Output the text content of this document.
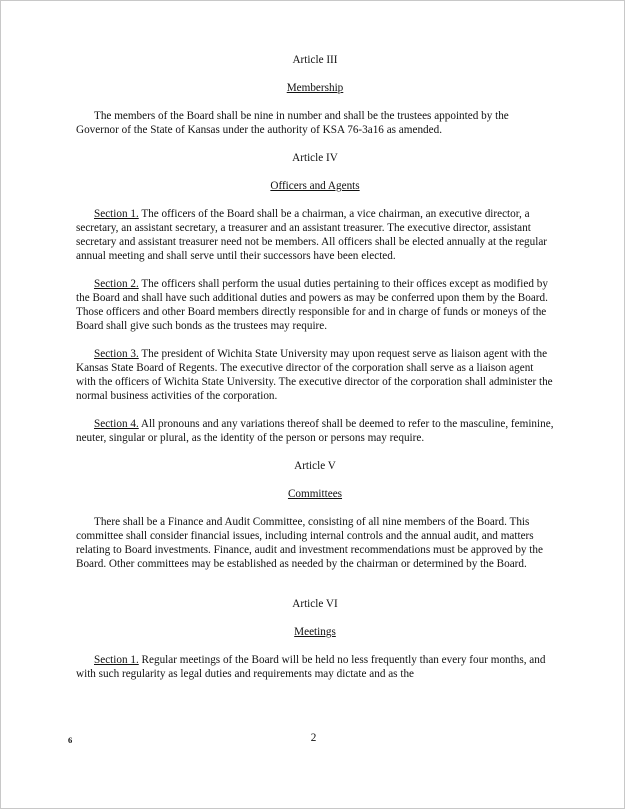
Article III
Membership

The members of the Board shall be nine in number and shall be the trustees appointed by the Governor of the State of Kansas under the authority of KSA 76-3a16 as amended.

Article IV
Officers and Agents

Section 1. The officers of the Board shall be a chairman, a vice chairman, an executive director, a secretary, an assistant secretary, a treasurer and an assistant treasurer. The executive director, assistant secretary and assistant treasurer need not be members. All officers shall be elected annually at the regular annual meeting and shall serve until their successors have been elected.

Section 2. The officers shall perform the usual duties pertaining to their offices except as modified by the Board and shall have such additional duties and powers as may be conferred upon them by the Board. Those officers and other Board members directly responsible for and in charge of funds or moneys of the Board shall give such bonds as the trustees may require.

Section 3. The president of Wichita State University may upon request serve as liaison agent with the Kansas State Board of Regents. The executive director of the corporation shall serve as a liaison agent with the officers of Wichita State University. The executive director of the corporation shall administer the normal business activities of the corporation.

Section 4. All pronouns and any variations thereof shall be deemed to refer to the masculine, feminine, neuter, singular or plural, as the identity of the person or persons may require.

Article V
Committees

There shall be a Finance and Audit Committee, consisting of all nine members of the Board. This committee shall consider financial issues, including internal controls and the annual audit, and matters relating to Board investments. Finance, audit and investment recommendations must be approved by the Board. Other committees may be established as needed by the chairman or determined by the Board.

Article VI
Meetings

Section 1. Regular meetings of the Board will be held no less frequently than every four months, and with such regularity as legal duties and requirements may dictate and as the

2
6
